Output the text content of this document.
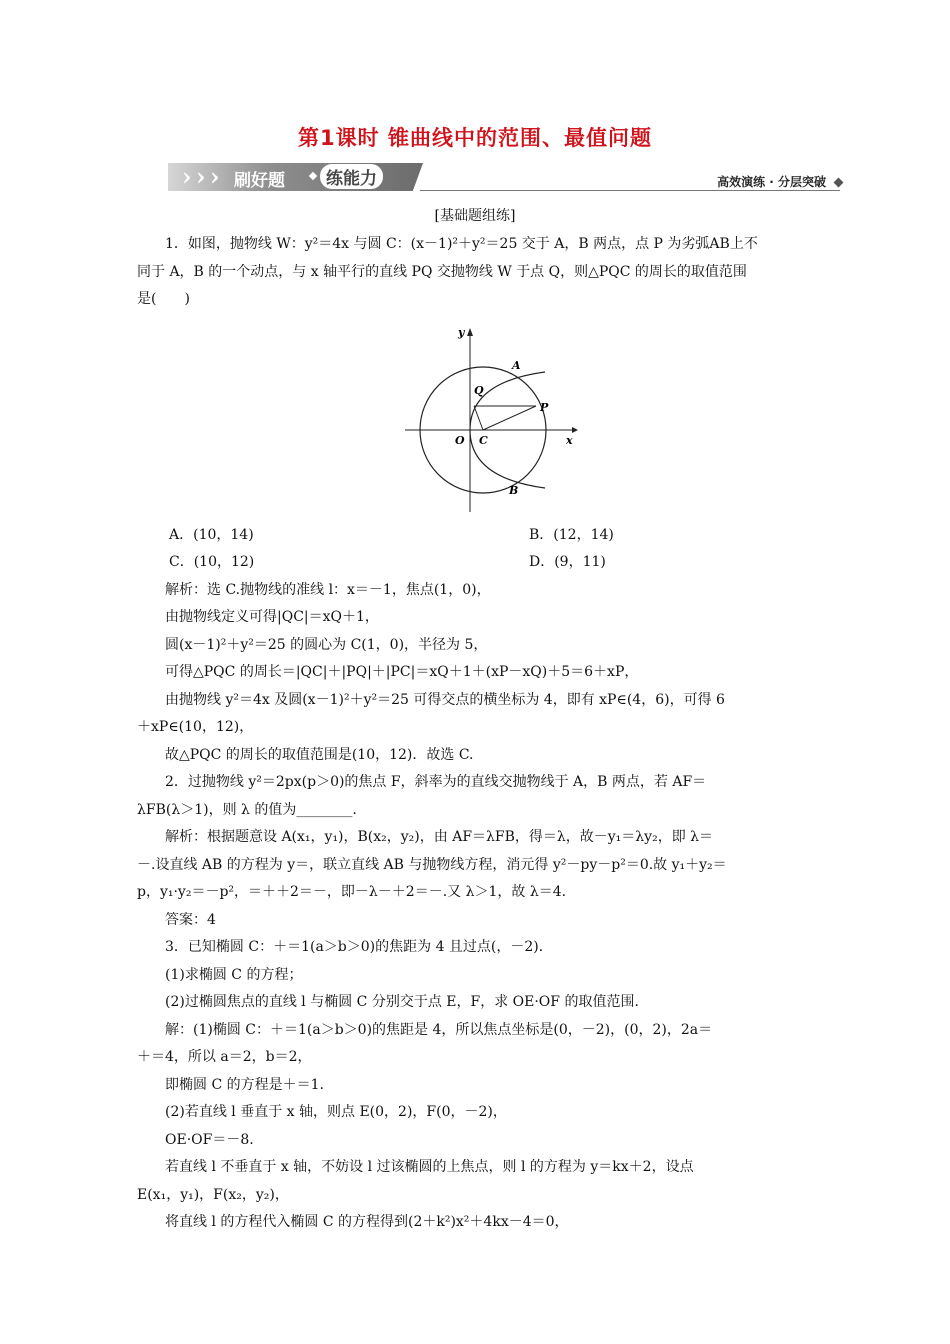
第1课时 锥曲线中的范围、最值问题
› › › 刷好题	练能力	高效演练 · 分层突破
[基础题组练]

1．如图，抛物线 W：y²＝4x 与圆 C：(x－1)²＋y²＝25 交于 A，B 两点，点 P 为劣弧AB上不

同于 A，B 的一个动点，与 x 轴平行的直线 PQ 交抛物线 W 于点 Q，则△PQC 的周长的取值范围

是(　　)

y
x
O C
Q
P
A
B
A．(10，14)	B．(12，14)
C．(10，12)	D．(9，11)

解析：选 C.抛物线的准线 l：x＝－1，焦点(1，0)，

由抛物线定义可得|QC|＝xQ＋1，

圆(x－1)²＋y²＝25 的圆心为 C(1，0)，半径为 5，

可得△PQC 的周长＝|QC|＋|PQ|＋|PC|＝xQ＋1＋(xP－xQ)＋5＝6＋xP，

由抛物线 y²＝4x 及圆(x－1)²＋y²＝25 可得交点的横坐标为 4，即有 xP∈(4，6)，可得 6

＋xP∈(10，12)，

故△PQC 的周长的取值范围是(10，12)．故选 C.

2．过抛物线 y²＝2px(p＞0)的焦点 F，斜率为的直线交抛物线于 A，B 两点，若 AF＝

λFB(λ＞1)，则 λ 的值为________.

解析：根据题意设 A(x₁，y₁)，B(x₂，y₂)，由 AF＝λFB，得＝λ，故－y₁＝λy₂，即 λ＝

－.设直线 AB 的方程为 y＝，联立直线 AB 与抛物线方程，消元得 y²－py－p²＝0.故 y₁＋y₂＝

p，y₁·y₂＝－p²，＝＋＋2＝－，即－λ－＋2＝－.又 λ＞1，故 λ＝4.

答案：4

3．已知椭圆 C：＋＝1(a＞b＞0)的焦距为 4 且过点(，－2)．

(1)求椭圆 C 的方程；

(2)过椭圆焦点的直线 l 与椭圆 C 分别交于点 E，F，求 OE·OF 的取值范围．

解：(1)椭圆 C：＋＝1(a＞b＞0)的焦距是 4，所以焦点坐标是(0，－2)，(0，2)，2a＝

＋＝4，所以 a＝2，b＝2，

即椭圆 C 的方程是＋＝1.

(2)若直线 l 垂直于 x 轴，则点 E(0，2)，F(0，－2)，

OE·OF＝－8.

若直线 l 不垂直于 x 轴，不妨设 l 过该椭圆的上焦点，则 l 的方程为 y＝kx＋2，设点

E(x₁，y₁)，F(x₂，y₂)，

将直线 l 的方程代入椭圆 C 的方程得到(2＋k²)x²＋4kx－4＝0，
